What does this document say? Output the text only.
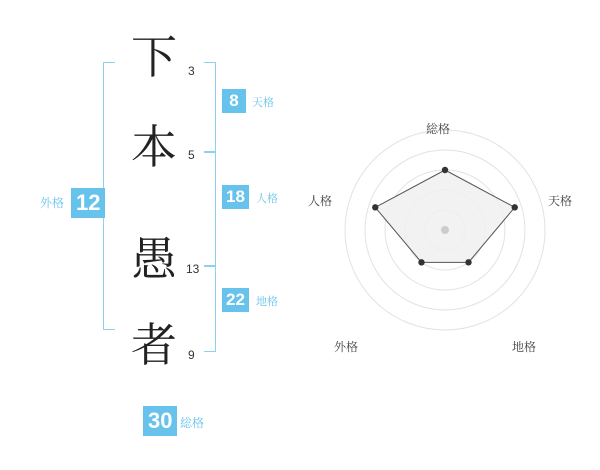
下 3
本 5
愚 13
者 9
8	天格
18	人格
22	地格
12
外格
30 総格
総格
天格
地格
外格
人格
